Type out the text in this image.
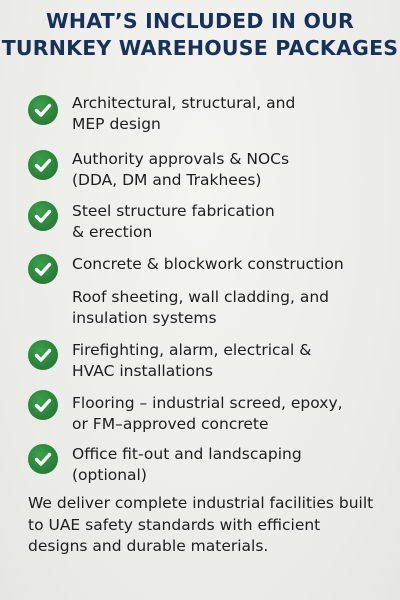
WHAT’S INCLUDED IN OUR
TURNKEY WAREHOUSE PACKAGES
Architectural, structural, and
MEP design
Authority approvals & NOCs
(DDA, DM and Trakhees)
Steel structure fabrication
& erection
Concrete & blockwork construction
Roof sheeting, wall cladding, and
insulation systems
Firefighting, alarm, electrical &
HVAC installations
Flooring – industrial screed, epoxy,
or FM–approved concrete
Office fit-out and landscaping
(optional)
We deliver complete industrial facilities built
to UAE safety standards with efficient
designs and durable materials.
